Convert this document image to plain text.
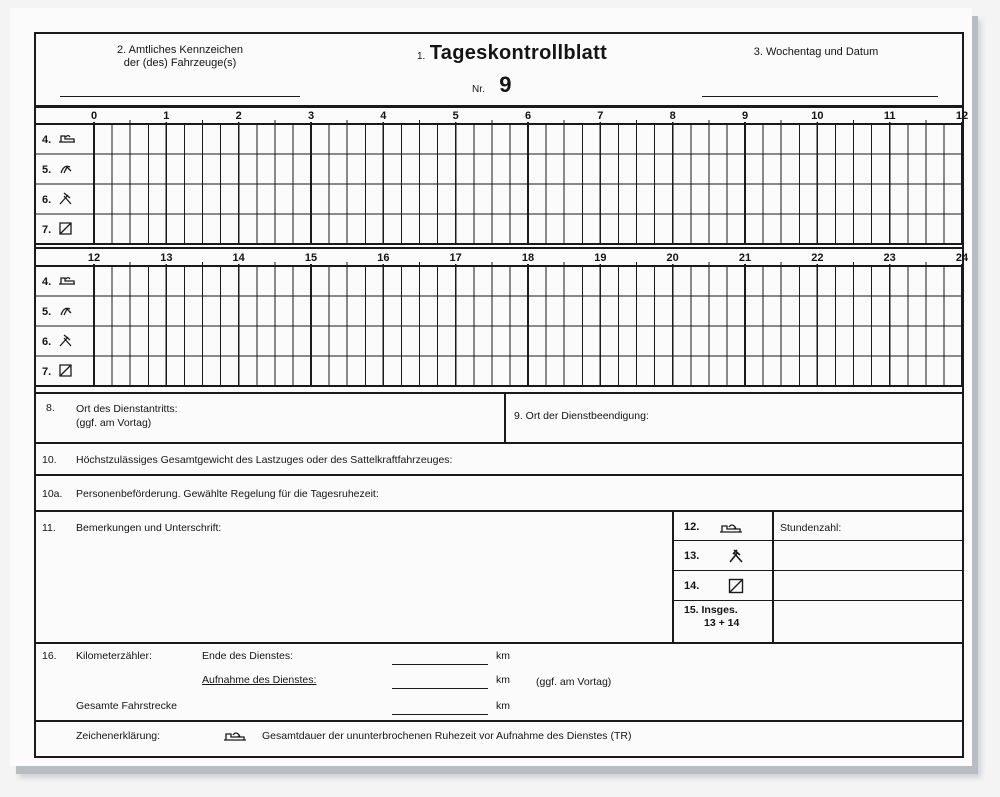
2. Amtliches Kennzeichen
der (des) Fahrzeuge(s)
1. Tageskontrollblatt
Nr. 9
3. Wochentag und Datum
0	1	2	3	4	5	6	7	8	9	10	11	12
4.
5.
6.
7.
12	13	14	15	16	17	18	19	20	21	22	23	24
4.
5.
6.
7.
8. Ort des Dienstantritts:
(ggf. am Vortag)
9. Ort der Dienstbeendigung:
10. Höchstzulässiges Gesamtgewicht des Lastzuges oder des Sattelkraftfahrzeuges:
10a. Personenbeförderung. Gewählte Regelung für die Tagesruhezeit:
11. Bemerkungen und Unterschrift:	12.	Stundenzahl:
13.
14.
15. Insges.
13 + 14
16. Kilometerzähler:	Ende des Dienstes:	km
Aufnahme des Dienstes:	km (ggf. am Vortag)
Gesamte Fahrstrecke	km
Zeichenerklärung:	Gesamtdauer der ununterbrochenen Ruhezeit vor Aufnahme des Dienstes (TR)
